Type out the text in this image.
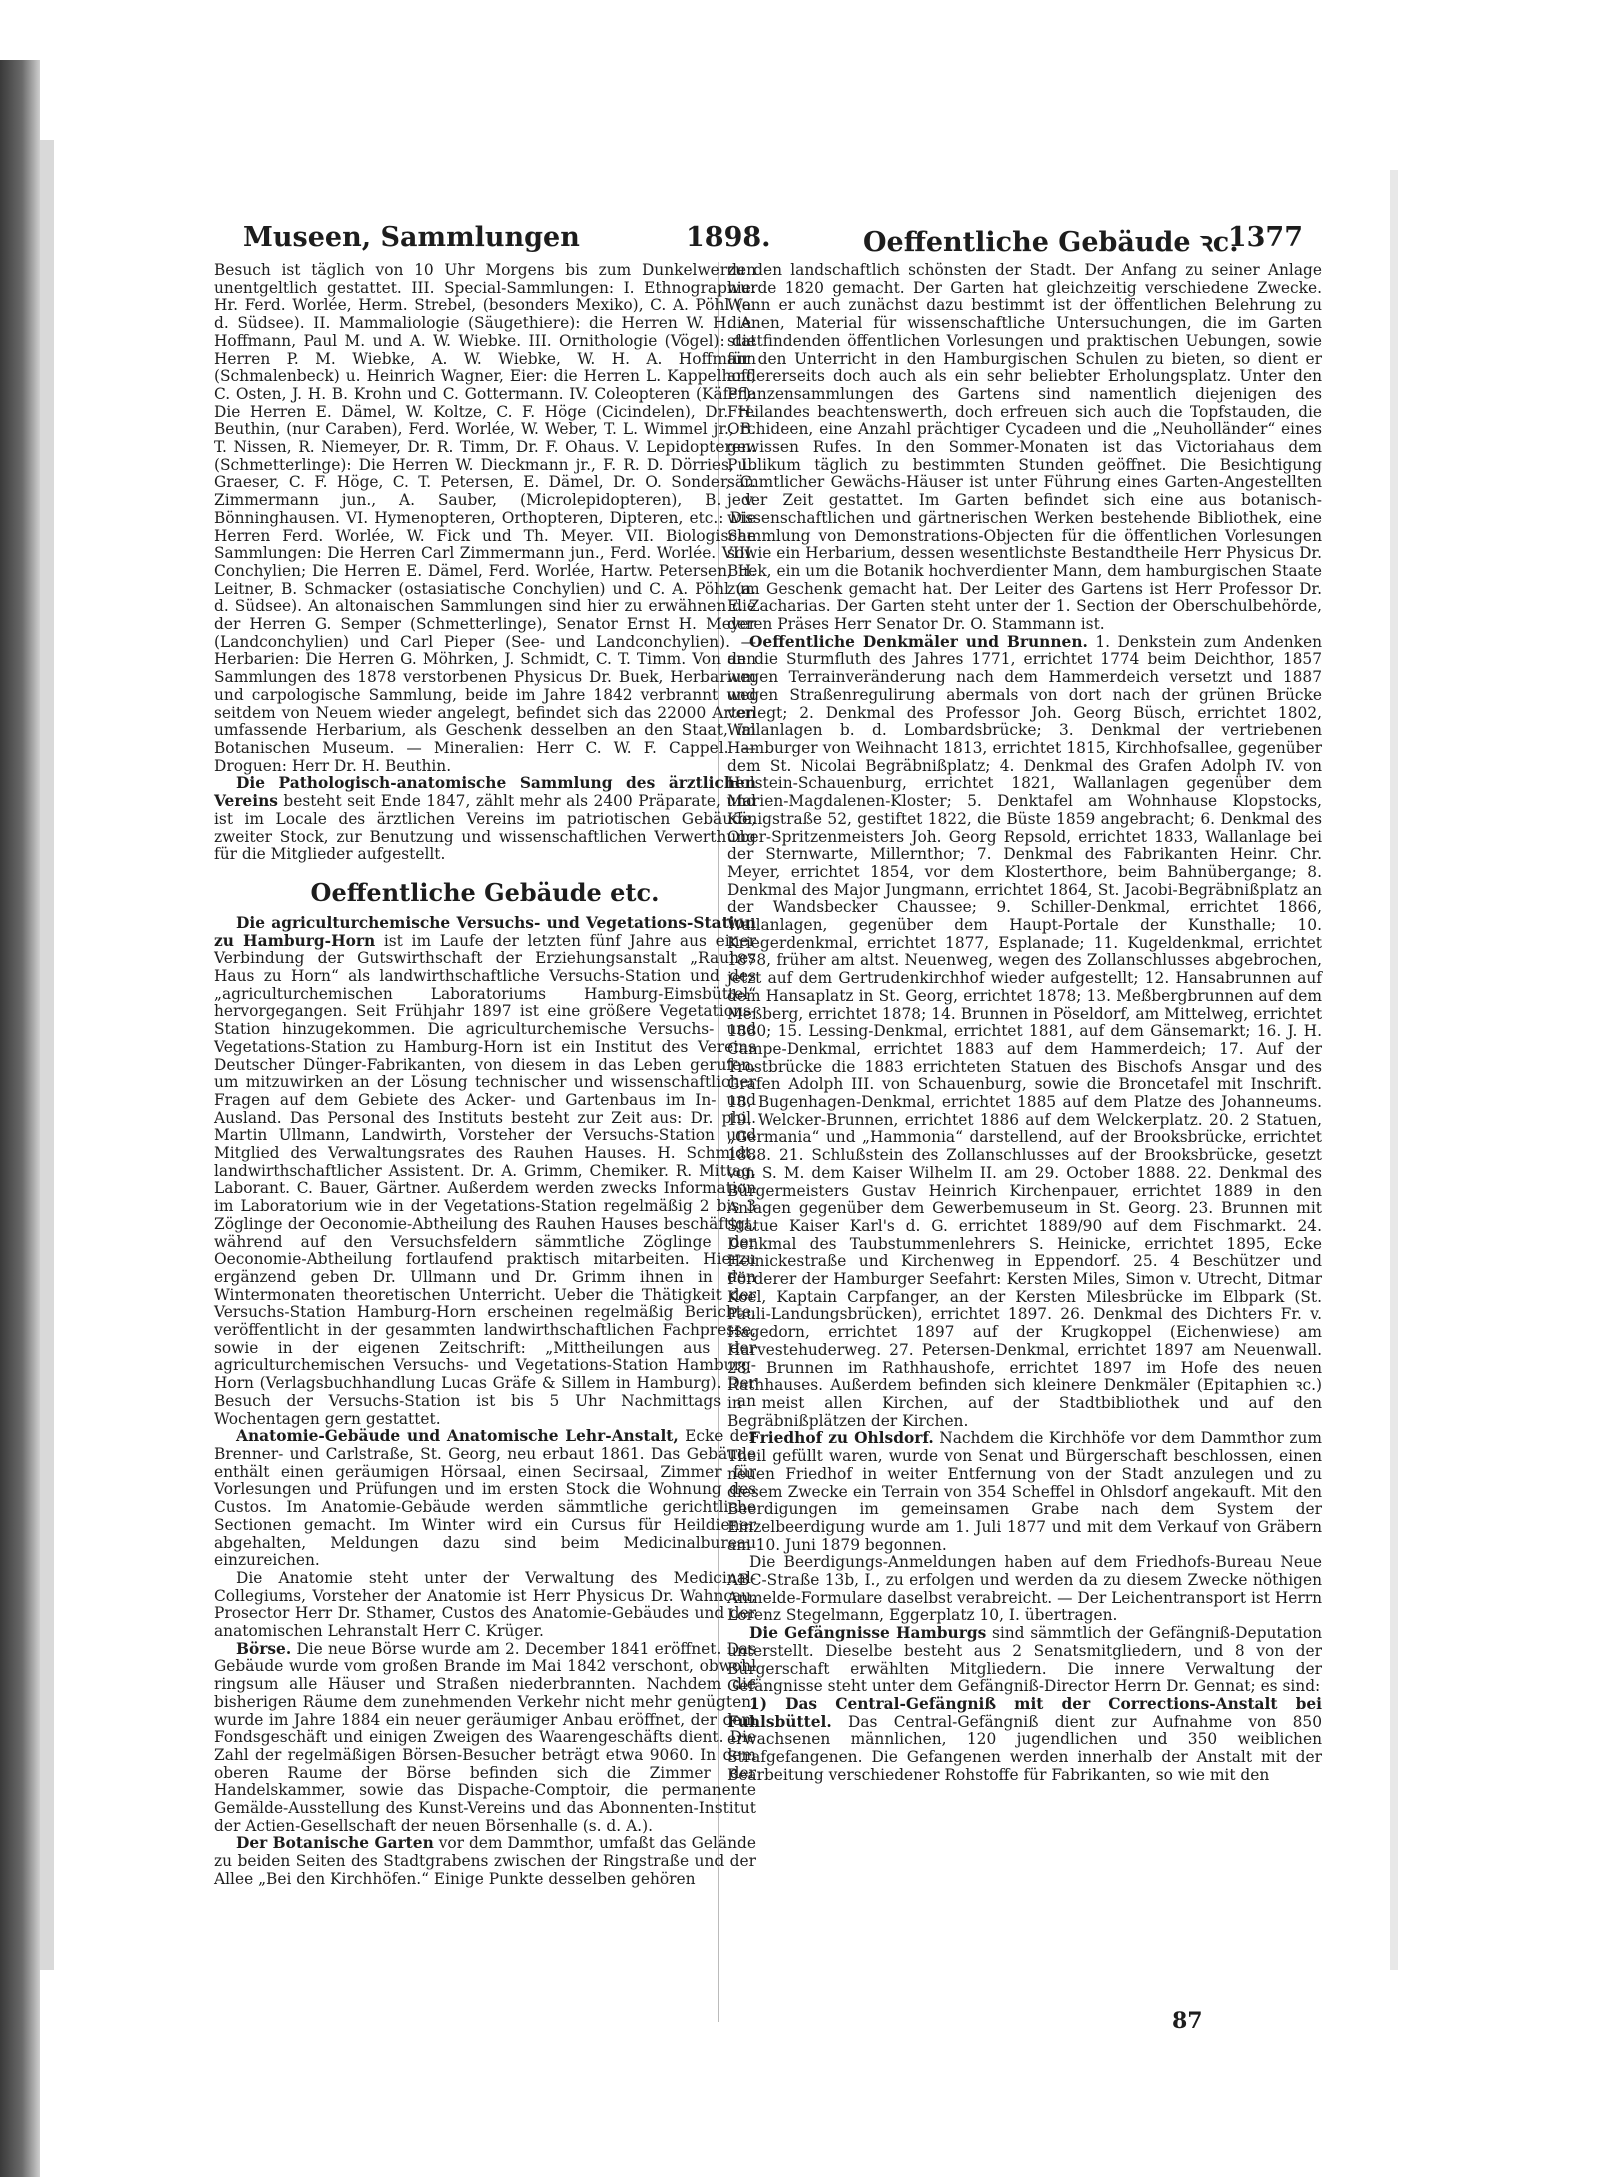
Museen, Sammlungen	1898.	Oeffentliche Gebäude ꝛc.
1377

Besuch ist täglich von 10 Uhr Morgens bis zum Dunkelwerden unentgeltlich gestattet. III. Special-Sammlungen: I. Ethnographie: Hr. Ferd. Worlée, Herm. Strebel, (besonders Mexiko), C. A. Pöhl (a. d. Südsee). II. Mammaliologie (Säugethiere): die Herren W. H. A. Hoffmann, Paul M. und A. W. Wiebke. III. Ornithologie (Vögel): die Herren P. M. Wiebke, A. W. Wiebke, W. H. A. Hoffmann (Schmalenbeck) u. Heinrich Wagner, Eier: die Herren L. Kappelhoff, C. Osten, J. H. B. Krohn und C. Gottermann. IV. Coleopteren (Käfer): Die Herren E. Dämel, W. Koltze, C. F. Höge (Cicindelen), Dr. H. Beuthin, (nur Caraben), Ferd. Worlée, W. Weber, T. L. Wimmel jr., B. T. Nissen, R. Niemeyer, Dr. R. Timm, Dr. F. Ohaus. V. Lepidopteren: (Schmetterlinge): Die Herren W. Dieckmann jr., F. R. D. Dörries, L. Graeser, C. F. Höge, C. T. Petersen, E. Dämel, Dr. O. Sonder, C. Zimmermann jun., A. Sauber, (Microlepidopteren), B. v. Bönninghausen. VI. Hymenopteren, Orthopteren, Dipteren, etc.: Die Herren Ferd. Worlée, W. Fick und Th. Meyer. VII. Biologische Sammlungen: Die Herren Carl Zimmermann jun., Ferd. Worlée. VIII. Conchylien; Die Herren E. Dämel, Ferd. Worlée, Hartw. Petersen, H. Leitner, B. Schmacker (ostasiatische Conchylien) und C. A. Pöhl (a. d. Südsee). An altonaischen Sammlungen sind hier zu erwähnen die der Herren G. Semper (Schmetterlinge), Senator Ernst H. Meyer (Landconchylien) und Carl Pieper (See- und Landconchylien). — Herbarien: Die Herren G. Möhrken, J. Schmidt, C. T. Timm. Von den Sammlungen des 1878 verstorbenen Physicus Dr. Buek, Herbarium und carpologische Sammlung, beide im Jahre 1842 verbrannt und seitdem von Neuem wieder angelegt, befindet sich das 22000 Arten umfassende Herbarium, als Geschenk desselben an den Staat, im Botanischen Museum. — Mineralien: Herr C. W. F. Cappel. — Droguen: Herr Dr. H. Beuthin.

Die Pathologisch-anatomische Sammlung des ärztlichen Vereins besteht seit Ende 1847, zählt mehr als 2400 Präparate, und ist im Locale des ärztlichen Vereins im patriotischen Gebäude, zweiter Stock, zur Benutzung und wissenschaftlichen Verwerthung für die Mitglieder aufgestellt.

Oeffentliche Gebäude etc.

Die agriculturchemische Versuchs- und Vegetations-Station zu Hamburg-Horn ist im Laufe der letzten fünf Jahre aus einer Verbindung der Gutswirthschaft der Erziehungsanstalt „Rauhes Haus zu Horn“ als landwirthschaftliche Versuchs-Station und des „agriculturchemischen Laboratoriums Hamburg-Eimsbüttel“ hervorgegangen. Seit Frühjahr 1897 ist eine größere Vegetations-Station hinzugekommen. Die agriculturchemische Versuchs- und Vegetations-Station zu Hamburg-Horn ist ein Institut des Vereins Deutscher Dünger-Fabrikanten, von diesem in das Leben gerufen, um mitzuwirken an der Lösung technischer und wissenschaftlicher Fragen auf dem Gebiete des Acker- und Gartenbaus im In- und Ausland. Das Personal des Instituts besteht zur Zeit aus: Dr. phil. Martin Ullmann, Landwirth, Vorsteher der Versuchs-Station und Mitglied des Verwaltungsrates des Rauhen Hauses. H. Schmidt, landwirthschaftlicher Assistent. Dr. A. Grimm, Chemiker. R. Mittag, Laborant. C. Bauer, Gärtner. Außerdem werden zwecks Information im Laboratorium wie in der Vegetations-Station regelmäßig 2 bis 3 Zöglinge der Oeconomie-Abtheilung des Rauhen Hauses beschäftigt, während auf den Versuchsfeldern sämmtliche Zöglinge der Oeconomie-Abtheilung fortlaufend praktisch mitarbeiten. Hierzu ergänzend geben Dr. Ullmann und Dr. Grimm ihnen in den Wintermonaten theoretischen Unterricht. Ueber die Thätigkeit der Versuchs-Station Hamburg-Horn erscheinen regelmäßig Berichte, veröffentlicht in der gesammten landwirthschaftlichen Fachpresse, sowie in der eigenen Zeitschrift: „Mittheilungen aus der agriculturchemischen Versuchs- und Vegetations-Station Hamburg-Horn (Verlagsbuchhandlung Lucas Gräfe & Sillem in Hamburg). Der Besuch der Versuchs-Station ist bis 5 Uhr Nachmittags an Wochentagen gern gestattet.

Anatomie-Gebäude und Anatomische Lehr-Anstalt, Ecke der Brenner- und Carlstraße, St. Georg, neu erbaut 1861. Das Gebäude enthält einen geräumigen Hörsaal, einen Secirsaal, Zimmer für Vorlesungen und Prüfungen und im ersten Stock die Wohnung des Custos. Im Anatomie-Gebäude werden sämmtliche gerichtliche Sectionen gemacht. Im Winter wird ein Cursus für Heildiener abgehalten, Meldungen dazu sind beim Medicinalbureau einzureichen.

Die Anatomie steht unter der Verwaltung des Medicinal-Collegiums, Vorsteher der Anatomie ist Herr Physicus Dr. Wahncau, Prosector Herr Dr. Sthamer, Custos des Anatomie-Gebäudes und der anatomischen Lehranstalt Herr C. Krüger.

Börse. Die neue Börse wurde am 2. December 1841 eröffnet. Das Gebäude wurde vom großen Brande im Mai 1842 verschont, obwohl ringsum alle Häuser und Straßen niederbrannten. Nachdem die bisherigen Räume dem zunehmenden Verkehr nicht mehr genügten, wurde im Jahre 1884 ein neuer geräumiger Anbau eröffnet, der dem Fondsgeschäft und einigen Zweigen des Waarengeschäfts dient. Die Zahl der regelmäßigen Börsen-Besucher beträgt etwa 9060. In dem oberen Raume der Börse befinden sich die Zimmer der Handelskammer, sowie das Dispache-Comptoir, die permanente Gemälde-Ausstellung des Kunst-Vereins und das Abonnenten-Institut der Actien-Gesellschaft der neuen Börsenhalle (s. d. A.).

Der Botanische Garten vor dem Dammthor, umfaßt das Gelände zu beiden Seiten des Stadtgrabens zwischen der Ringstraße und der Allee „Bei den Kirchhöfen.“ Einige Punkte desselben gehören

zu den landschaftlich schönsten der Stadt. Der Anfang zu seiner Anlage wurde 1820 gemacht. Der Garten hat gleichzeitig verschiedene Zwecke. Wenn er auch zunächst dazu bestimmt ist der öffentlichen Belehrung zu dienen, Material für wissenschaftliche Untersuchungen, die im Garten stattfindenden öffentlichen Vorlesungen und praktischen Uebungen, sowie für den Unterricht in den Hamburgischen Schulen zu bieten, so dient er andererseits doch auch als ein sehr beliebter Erholungsplatz. Unter den Pflanzensammlungen des Gartens sind namentlich diejenigen des Freilandes beachtenswerth, doch erfreuen sich auch die Topfstauden, die Orchideen, eine Anzahl prächtiger Cycadeen und die „Neuholländer“ eines gewissen Rufes. In den Sommer-Monaten ist das Victoriahaus dem Publikum täglich zu bestimmten Stunden geöffnet. Die Besichtigung sämmtlicher Gewächs-Häuser ist unter Führung eines Garten-Angestellten jeder Zeit gestattet. Im Garten befindet sich eine aus botanisch-wissenschaftlichen und gärtnerischen Werken bestehende Bibliothek, eine Sammlung von Demonstrations-Objecten für die öffentlichen Vorlesungen sowie ein Herbarium, dessen wesentlichste Bestandtheile Herr Physicus Dr. Buek, ein um die Botanik hochverdienter Mann, dem hamburgischen Staate zum Geschenk gemacht hat. Der Leiter des Gartens ist Herr Professor Dr. E. Zacharias. Der Garten steht unter der 1. Section der Oberschulbehörde, deren Präses Herr Senator Dr. O. Stammann ist.

Oeffentliche Denkmäler und Brunnen. 1. Denkstein zum Andenken an die Sturmfluth des Jahres 1771, errichtet 1774 beim Deichthor, 1857 wegen Terrainveränderung nach dem Hammerdeich versetzt und 1887 wegen Straßenregulirung abermals von dort nach der grünen Brücke verlegt; 2. Denkmal des Professor Joh. Georg Büsch, errichtet 1802, Wallanlagen b. d. Lombardsbrücke; 3. Denkmal der vertriebenen Hamburger von Weihnacht 1813, errichtet 1815, Kirchhofsallee, gegenüber dem St. Nicolai Begräbnißplatz; 4. Denkmal des Grafen Adolph IV. von Holstein-Schauenburg, errichtet 1821, Wallanlagen gegenüber dem Marien-Magdalenen-Kloster; 5. Denktafel am Wohnhause Klopstocks, Königstraße 52, gestiftet 1822, die Büste 1859 angebracht; 6. Denkmal des Ober-Spritzenmeisters Joh. Georg Repsold, errichtet 1833, Wallanlage bei der Sternwarte, Millernthor; 7. Denkmal des Fabrikanten Heinr. Chr. Meyer, errichtet 1854, vor dem Klosterthore, beim Bahnübergange; 8. Denkmal des Major Jungmann, errichtet 1864, St. Jacobi-Begräbnißplatz an der Wandsbecker Chaussee; 9. Schiller-Denkmal, errichtet 1866, Wallanlagen, gegenüber dem Haupt-Portale der Kunsthalle; 10. Kriegerdenkmal, errichtet 1877, Esplanade; 11. Kugeldenkmal, errichtet 1878, früher am altst. Neuenweg, wegen des Zollanschlusses abgebrochen, jetzt auf dem Gertrudenkirchhof wieder aufgestellt; 12. Hansabrunnen auf dem Hansaplatz in St. Georg, errichtet 1878; 13. Meßbergbrunnen auf dem Meßberg, errichtet 1878; 14. Brunnen in Pöseldorf, am Mittelweg, errichtet 1880; 15. Lessing-Denkmal, errichtet 1881, auf dem Gänsemarkt; 16. J. H. Campe-Denkmal, errichtet 1883 auf dem Hammerdeich; 17. Auf der Trostbrücke die 1883 errichteten Statuen des Bischofs Ansgar und des Grafen Adolph III. von Schauenburg, sowie die Broncetafel mit Inschrift. 18. Bugenhagen-Denkmal, errichtet 1885 auf dem Platze des Johanneums. 19. Welcker-Brunnen, errichtet 1886 auf dem Welckerplatz. 20. 2 Statuen, „Germania“ und „Hammonia“ darstellend, auf der Brooksbrücke, errichtet 1888. 21. Schlußstein des Zollanschlusses auf der Brooksbrücke, gesetzt von S. M. dem Kaiser Wilhelm II. am 29. October 1888. 22. Denkmal des Bürgermeisters Gustav Heinrich Kirchenpauer, errichtet 1889 in den Anlagen gegenüber dem Gewerbemuseum in St. Georg. 23. Brunnen mit Statue Kaiser Karl's d. G. errichtet 1889/90 auf dem Fischmarkt. 24. Denkmal des Taubstummenlehrers S. Heinicke, errichtet 1895, Ecke Heinickestraße und Kirchenweg in Eppendorf. 25. 4 Beschützer und Förderer der Hamburger Seefahrt: Kersten Miles, Simon v. Utrecht, Ditmar Koel, Kaptain Carpfanger, an der Kersten Milesbrücke im Elbpark (St. Pauli-Landungsbrücken), errichtet 1897. 26. Denkmal des Dichters Fr. v. Hagedorn, errichtet 1897 auf der Krugkoppel (Eichenwiese) am Harvestehuderweg. 27. Petersen-Denkmal, errichtet 1897 am Neuenwall. 28. Brunnen im Rathhaushofe, errichtet 1897 im Hofe des neuen Rathhauses. Außerdem befinden sich kleinere Denkmäler (Epitaphien ꝛc.) in meist allen Kirchen, auf der Stadtbibliothek und auf den Begräbnißplätzen der Kirchen.

Friedhof zu Ohlsdorf. Nachdem die Kirchhöfe vor dem Dammthor zum Theil gefüllt waren, wurde von Senat und Bürgerschaft beschlossen, einen neuen Friedhof in weiter Entfernung von der Stadt anzulegen und zu diesem Zwecke ein Terrain von 354 Scheffel in Ohlsdorf angekauft. Mit den Beerdigungen im gemeinsamen Grabe nach dem System der Einzelbeerdigung wurde am 1. Juli 1877 und mit dem Verkauf von Gräbern am 10. Juni 1879 begonnen.

Die Beerdigungs-Anmeldungen haben auf dem Friedhofs-Bureau Neue ABC-Straße 13b, I., zu erfolgen und werden da zu diesem Zwecke nöthigen Anmelde-Formulare daselbst verabreicht. — Der Leichentransport ist Herrn Lorenz Stegelmann, Eggerplatz 10, I. übertragen.

Die Gefängnisse Hamburgs sind sämmtlich der Gefängniß-Deputation unterstellt. Dieselbe besteht aus 2 Senatsmitgliedern, und 8 von der Bürgerschaft erwählten Mitgliedern. Die innere Verwaltung der Gefängnisse steht unter dem Gefängniß-Director Herrn Dr. Gennat; es sind:

1) Das Central-Gefängniß mit der Corrections-Anstalt bei Fuhlsbüttel. Das Central-Gefängniß dient zur Aufnahme von 850 erwachsenen männlichen, 120 jugendlichen und 350 weiblichen Strafgefangenen. Die Gefangenen werden innerhalb der Anstalt mit der Bearbeitung verschiedener Rohstoffe für Fabrikanten, so wie mit den

87
